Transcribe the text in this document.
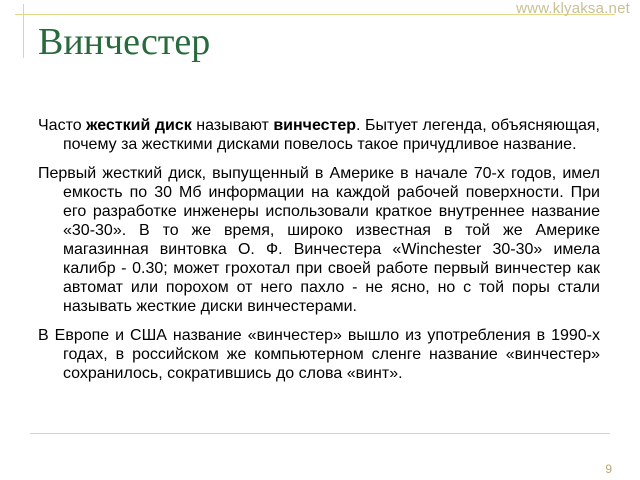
www.klyaksa.net
Винчестер

Часто жесткий диск называют винчестер. Бытует легенда, объясняющая, почему за жесткими дисками повелось такое причудливое название.

Первый жесткий диск, выпущенный в Америке в начале 70-х годов, имел емкость по 30 Мб информации на каждой рабочей поверхности. При его разработке инженеры использовали краткое внутреннее название «30-30». В то же время, широко известная в той же Америке магазинная винтовка О. Ф. Винчестера «Winchester 30-30» имела калибр - 0.30; может грохотал при своей работе первый винчестер как автомат или порохом от него пахло - не ясно, но с той поры стали называть жесткие диски винчестерами.

В Европе и США название «винчестер» вышло из употребления в 1990-х годах, в российском же компьютерном сленге название «винчестер» сохранилось, сократившись до слова «винт».

9
